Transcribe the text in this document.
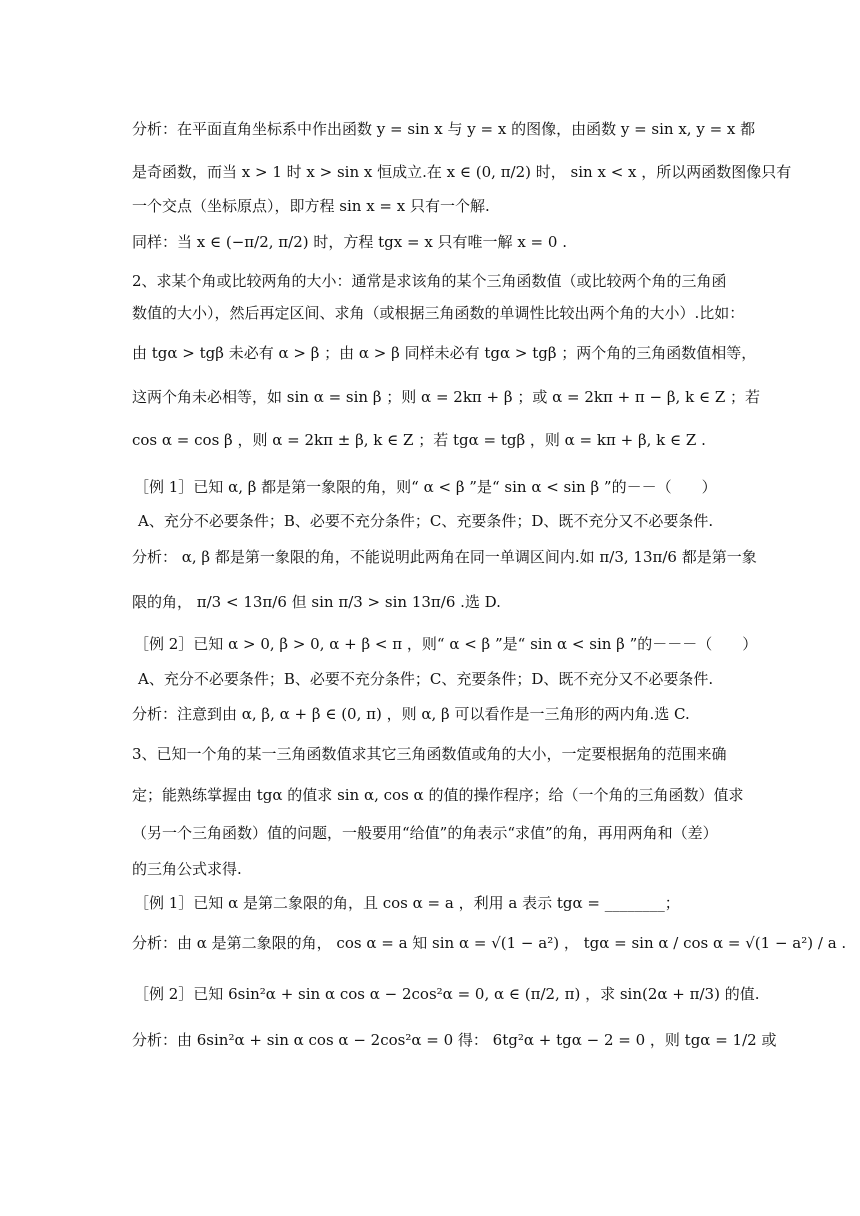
分析：在平面直角坐标系中作出函数 y = sin x 与 y = x 的图像，由函数 y = sin x, y = x 都
是奇函数，而当 x > 1 时 x > sin x 恒成立.在 x ∈ (0, π/2) 时， sin x < x ，所以两函数图像只有
一个交点（坐标原点），即方程 sin x = x 只有一个解.
同样：当 x ∈ (−π/2, π/2) 时，方程 tgx = x 只有唯一解 x = 0 .
2、求某个角或比较两角的大小：通常是求该角的某个三角函数值（或比较两个角的三角函
数值的大小），然后再定区间、求角（或根据三角函数的单调性比较出两个角的大小）.比如：
由 tgα > tgβ 未必有 α > β ；由 α > β 同样未必有 tgα > tgβ ；两个角的三角函数值相等，
这两个角未必相等，如 sin α = sin β ；则 α = 2kπ + β ；或 α = 2kπ + π − β, k ∈ Z ；若
cos α = cos β ，则 α = 2kπ ± β, k ∈ Z ；若 tgα = tgβ ，则 α = kπ + β, k ∈ Z .
［例 1］已知 α, β 都是第一象限的角，则“ α < β ”是“ sin α < sin β ”的－－（　　）
A、充分不必要条件；B、必要不充分条件；C、充要条件；D、既不充分又不必要条件.
分析： α, β 都是第一象限的角，不能说明此两角在同一单调区间内.如 π/3, 13π/6 都是第一象
限的角， π/3 < 13π/6 但 sin π/3 > sin 13π/6 .选 D.
［例 2］已知 α > 0, β > 0, α + β < π ，则“ α < β ”是“ sin α < sin β ”的－－－（　　）
A、充分不必要条件；B、必要不充分条件；C、充要条件；D、既不充分又不必要条件.
分析：注意到由 α, β, α + β ∈ (0, π) ，则 α, β 可以看作是一三角形的两内角.选 C.
3、已知一个角的某一三角函数值求其它三角函数值或角的大小，一定要根据角的范围来确
定；能熟练掌握由 tgα 的值求 sin α, cos α 的值的操作程序；给（一个角的三角函数）值求
（另一个三角函数）值的问题，一般要用“给值”的角表示“求值”的角，再用两角和（差）
的三角公式求得.
［例 1］已知 α 是第二象限的角，且 cos α = a ，利用 a 表示 tgα = ________；
分析：由 α 是第二象限的角， cos α = a 知 sin α = √(1 − a²) ， tgα = sin α / cos α = √(1 − a²) / a .
［例 2］已知 6sin²α + sin α cos α − 2cos²α = 0, α ∈ (π/2, π) ，求 sin(2α + π/3) 的值.
分析：由 6sin²α + sin α cos α − 2cos²α = 0 得： 6tg²α + tgα − 2 = 0 ，则 tgα = 1/2 或
